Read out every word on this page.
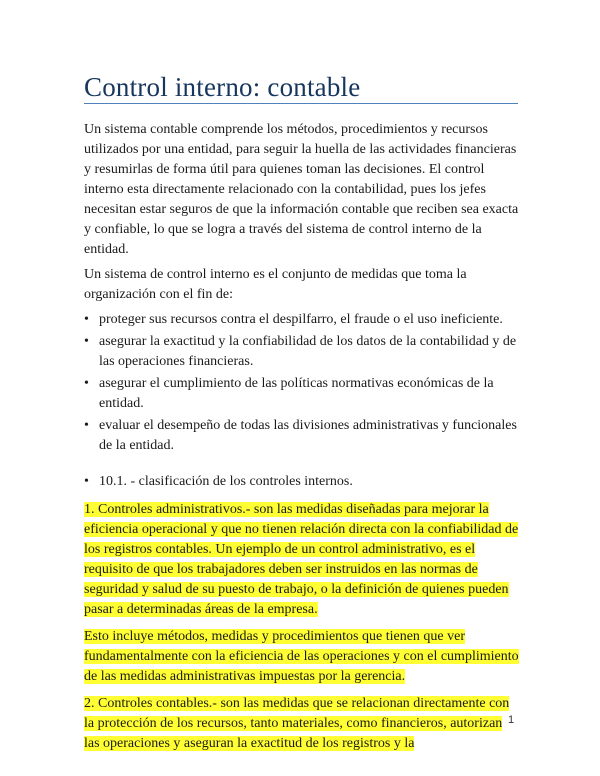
Control interno: contable

Un sistema contable comprende los métodos, procedimientos y recursos utilizados por una entidad, para seguir la huella de las actividades financieras y resumirlas de forma útil para quienes toman las decisiones. El control interno esta directamente relacionado con la contabilidad, pues los jefes necesitan estar seguros de que la información contable que reciben sea exacta y confiable, lo que se logra a través del sistema de control interno de la entidad.

Un sistema de control interno es el conjunto de medidas que toma la organización con el fin de:

• proteger sus recursos contra el despilfarro, el fraude o el uso ineficiente.
• asegurar la exactitud y la confiabilidad de los datos de la contabilidad y de las operaciones financieras.
• asegurar el cumplimiento de las políticas normativas económicas de la entidad.
• evaluar el desempeño de todas las divisiones administrativas y funcionales de la entidad.
• 10.1. - clasificación de los controles internos.

1. Controles administrativos.- son las medidas diseñadas para mejorar la eficiencia operacional y que no tienen relación directa con la confiabilidad de los registros contables. Un ejemplo de un control administrativo, es el requisito de que los trabajadores deben ser instruidos en las normas de seguridad y salud de su puesto de trabajo, o la definición de quienes pueden pasar a determinadas áreas de la empresa.

Esto incluye métodos, medidas y procedimientos que tienen que ver fundamentalmente con la eficiencia de las operaciones y con el cumplimiento de las medidas administrativas impuestas por la gerencia.

2. Controles contables.- son las medidas que se relacionan directamente con la protección de los recursos, tanto materiales, como financieros, autorizan las operaciones y aseguran la exactitud de los registros y la

1
